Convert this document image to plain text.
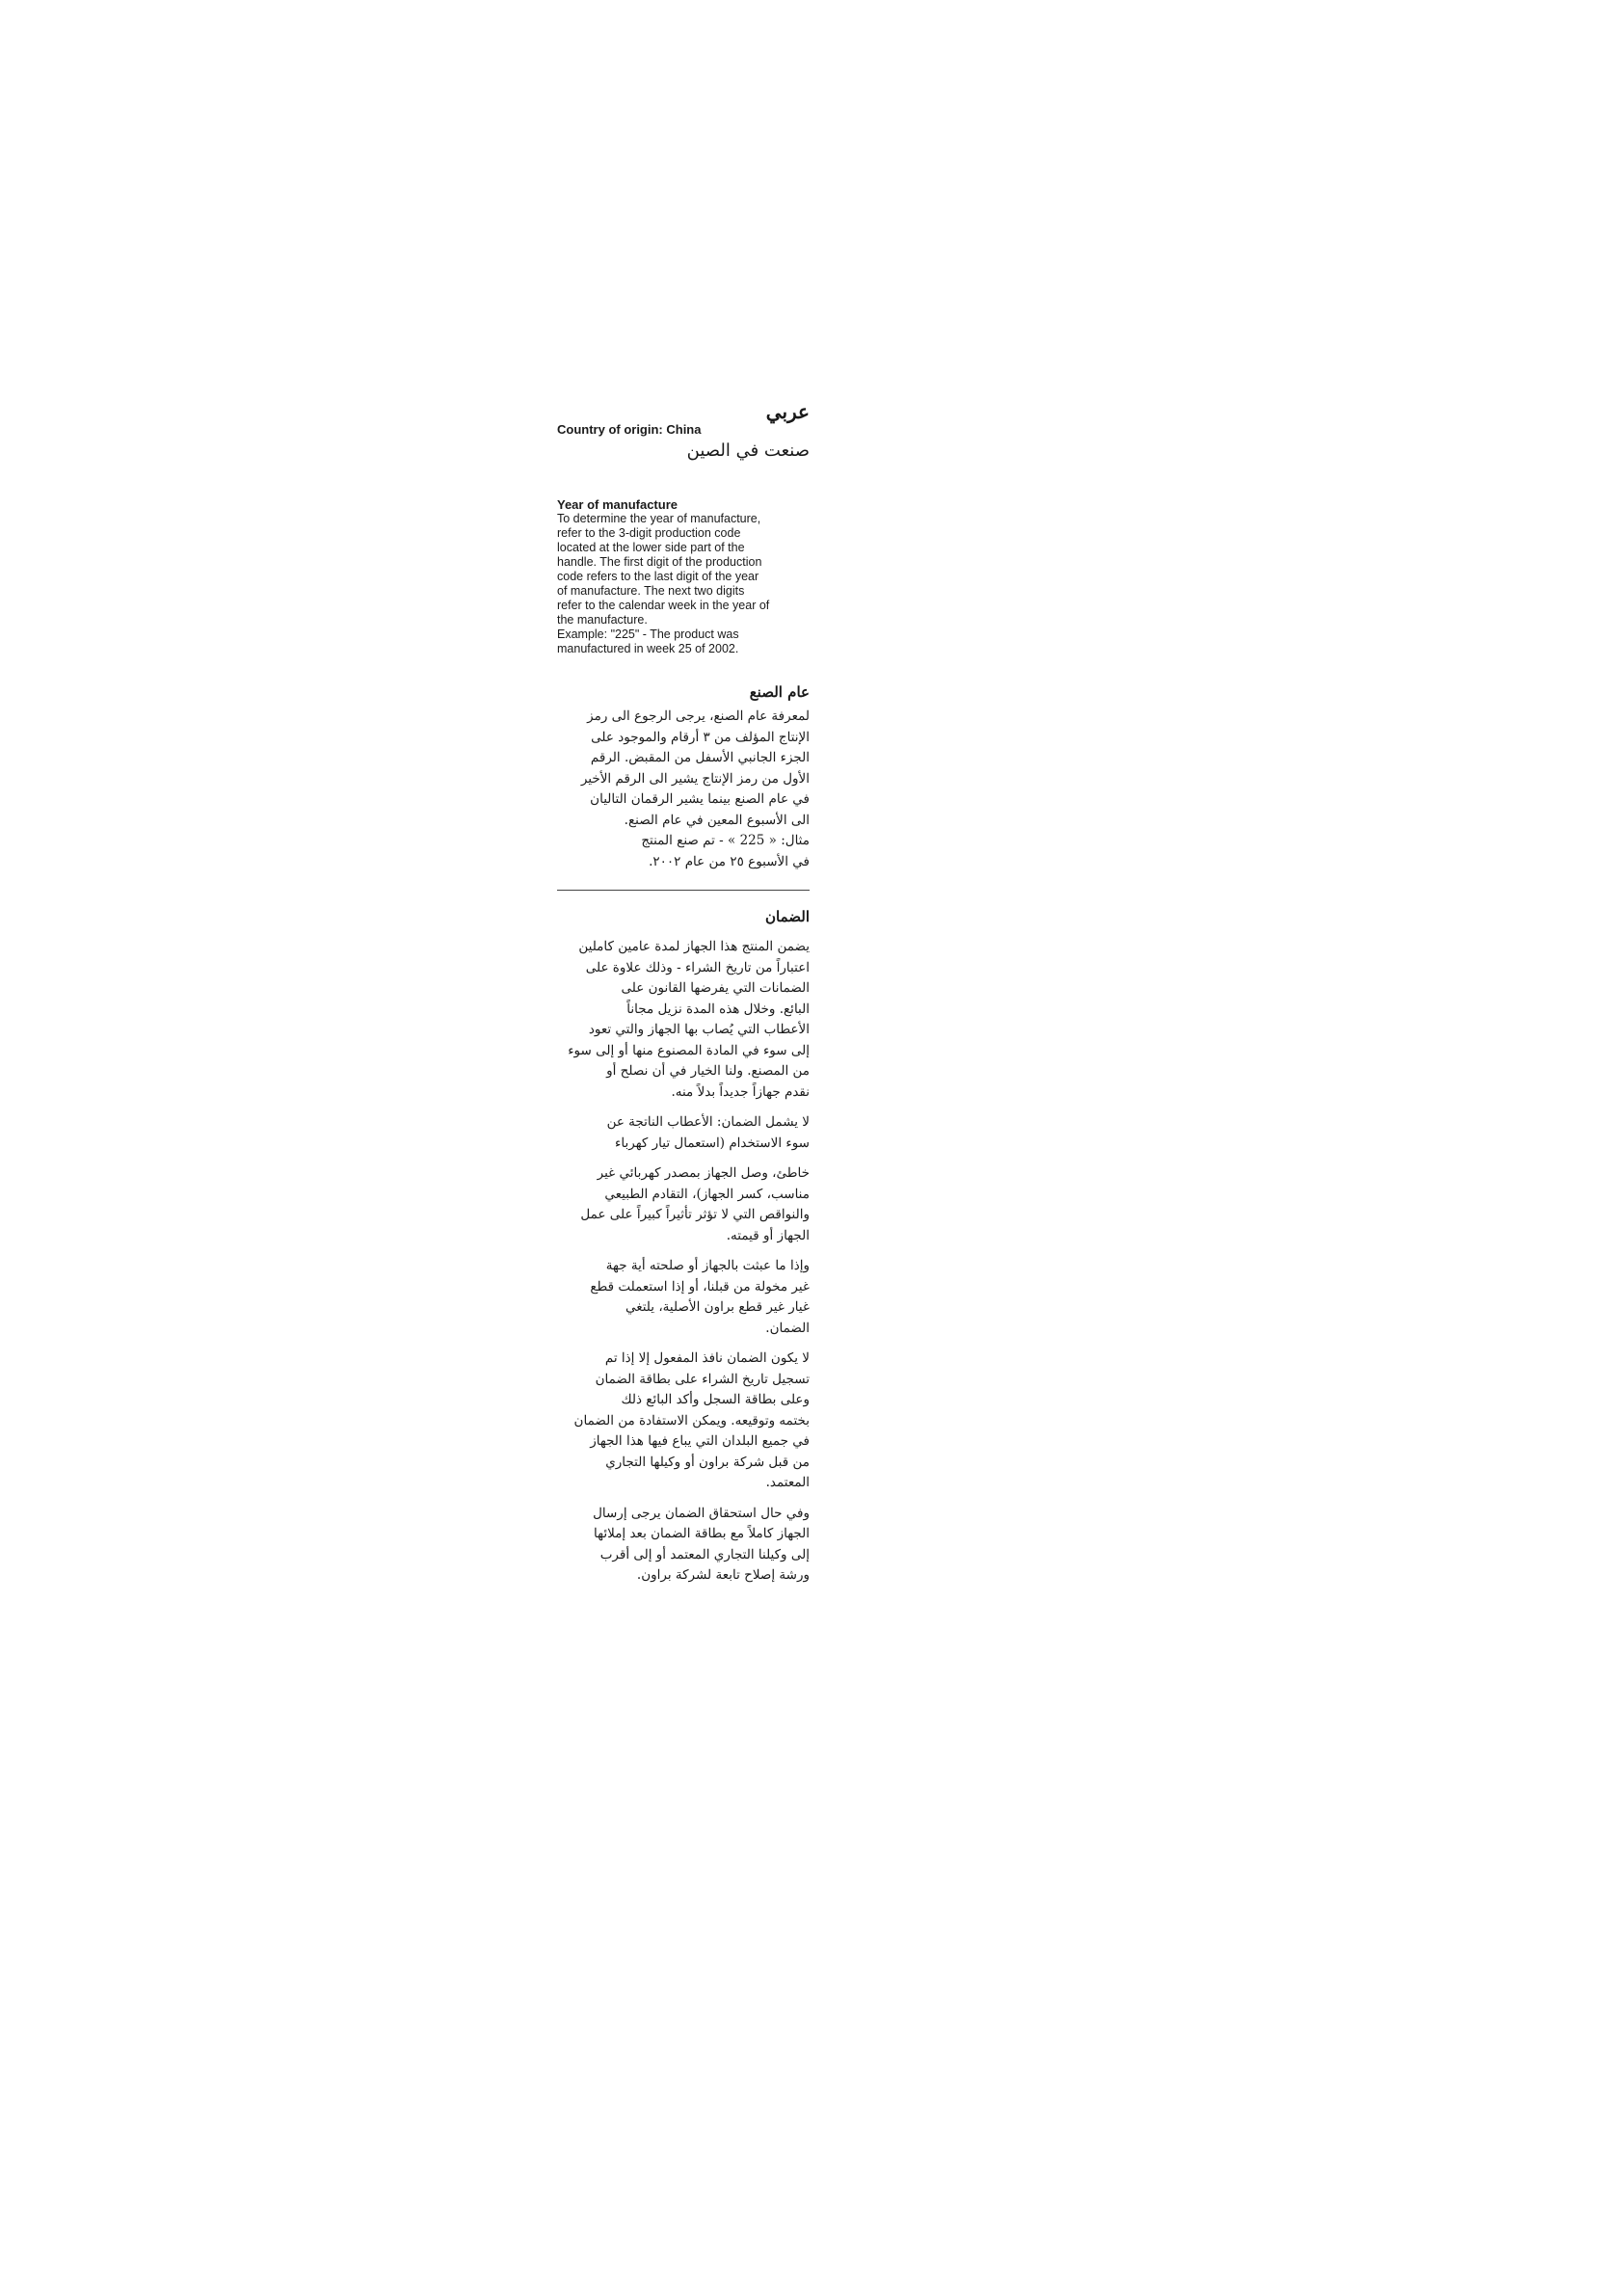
عربي
Country of origin: China
صنعت في الصين
Year of manufacture
To determine the year of manufacture,
refer to the 3-digit production code
located at the lower side part of the
handle. The first digit of the production
code refers to the last digit of the year
of manufacture. The next two digits
refer to the calendar week in the year of
the manufacture.
Example: "225" - The product was
manufactured in week 25 of 2002.
عام الصنع
لمعرفة عام الصنع، يرجى الرجوع الى رمز
الإنتاج المؤلف من ٣ أرقام والموجود على
الجزء الجانبي الأسفل من المقبض. الرقم
الأول من رمز الإنتاج يشير الى الرقم الأخير
في عام الصنع بينما يشير الرقمان التاليان
الى الأسبوع المعين في عام الصنع.
مثال: « 225 » - تم صنع المنتج
في الأسبوع ٢٥ من عام ٢٠٠٢.
الضمان
يضمن المنتج هذا الجهاز لمدة عامين كاملين
اعتباراً من تاريخ الشراء - وذلك علاوة على
الضمانات التي يفرضها القانون على
البائع. وخلال هذه المدة نزيل مجاناً
الأعطاب التي يُصاب بها الجهاز والتي تعود
إلى سوء في المادة المصنوع منها أو إلى سوء
من المصنع. ولنا الخيار في أن نصلح أو
نقدم جهازاً جديداً بدلاً منه.
لا يشمل الضمان: الأعطاب الناتجة عن
سوء الاستخدام (استعمال تيار كهرباء
خاطئ، وصل الجهاز بمصدر كهربائي غير
مناسب، كسر الجهاز)، التقادم الطبيعي
والنواقص التي لا تؤثر تأثيراً كبيراً على عمل
الجهاز أو قيمته.
وإذا ما عبثت بالجهاز أو صلحته أية جهة
غير مخولة من قبلنا، أو إذا استعملت قطع
غيار غير قطع براون الأصلية، يلتغي
الضمان.
لا يكون الضمان نافذ المفعول إلا إذا تم
تسجيل تاريخ الشراء على بطاقة الضمان
وعلى بطاقة السجل وأكد البائع ذلك
بختمه وتوقيعه. ويمكن الاستفادة من الضمان
في جميع البلدان التي يباع فيها هذا الجهاز
من قبل شركة براون أو وكيلها التجاري
المعتمد.
وفي حال استحقاق الضمان يرجى إرسال
الجهاز كاملاً مع بطاقة الضمان بعد إملائها
إلى وكيلنا التجاري المعتمد أو إلى أقرب
ورشة إصلاح تابعة لشركة براون.
